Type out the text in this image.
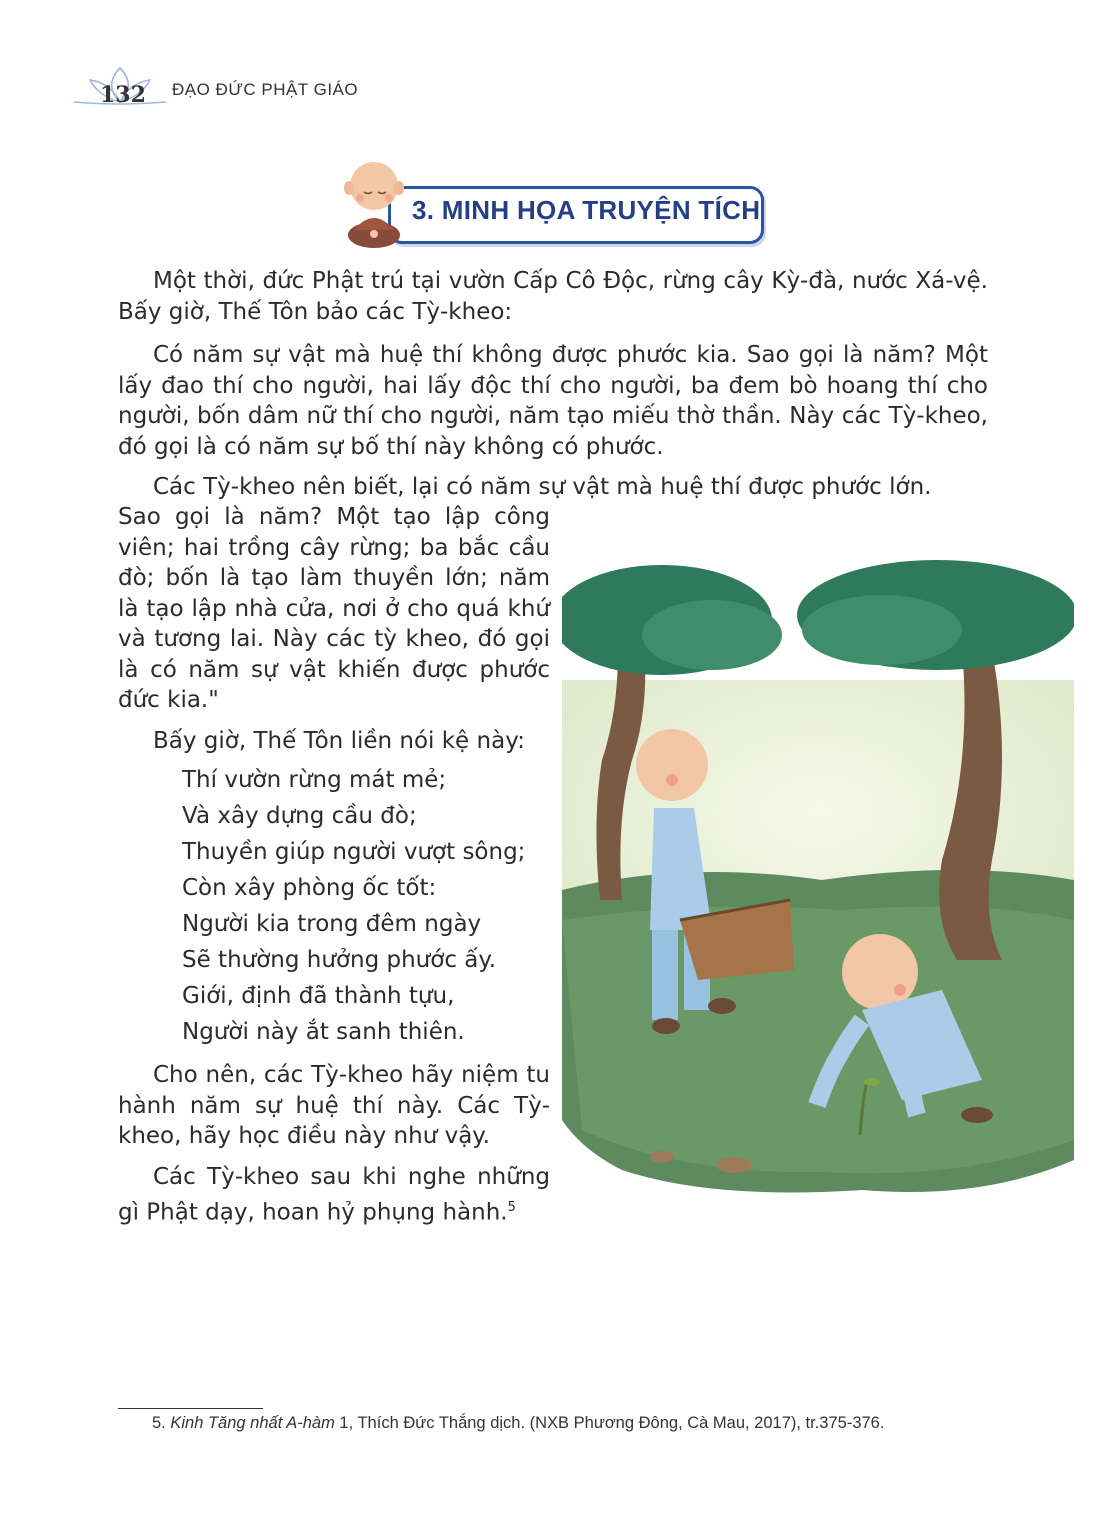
132 ĐẠO ĐỨC PHẬT GIÁO
3. MINH HỌA TRUYỆN TÍCH

Một thời, đức Phật trú tại vườn Cấp Cô Độc, rừng cây Kỳ-đà, nước Xá-vệ. Bấy giờ, Thế Tôn bảo các Tỳ-kheo:

Có năm sự vật mà huệ thí không được phước kia. Sao gọi là năm? Một lấy đao thí cho người, hai lấy độc thí cho người, ba đem bò hoang thí cho người, bốn dâm nữ thí cho người, năm tạo miếu thờ thần. Này các Tỳ-kheo, đó gọi là có năm sự bố thí này không có phước.

Các Tỳ-kheo nên biết, lại có năm sự vật mà huệ thí được phước lớn.

Sao gọi là năm? Một tạo lập công viên; hai trồng cây rừng; ba bắc cầu đò; bốn là tạo làm thuyền lớn; năm là tạo lập nhà cửa, nơi ở cho quá khứ và tương lai. Này các tỳ kheo, đó gọi là có năm sự vật khiến được phước đức kia."

Bấy giờ, Thế Tôn liền nói kệ này:

Thí vườn rừng mát mẻ;
Và xây dựng cầu đò;
Thuyền giúp người vượt sông;
Còn xây phòng ốc tốt:
Người kia trong đêm ngày
Sẽ thường hưởng phước ấy.
Giới, định đã thành tựu,
Người này ắt sanh thiên.

Cho nên, các Tỳ-kheo hãy niệm tu hành năm sự huệ thí này. Các Tỳ-kheo, hãy học điều này như vậy.

Các Tỳ-kheo sau khi nghe những gì Phật dạy, hoan hỷ phụng hành.$^5$

5. Kinh Tăng nhất A-hàm 1, Thích Đức Thắng dịch. (NXB Phương Đông, Cà Mau, 2017), tr.375-376.
